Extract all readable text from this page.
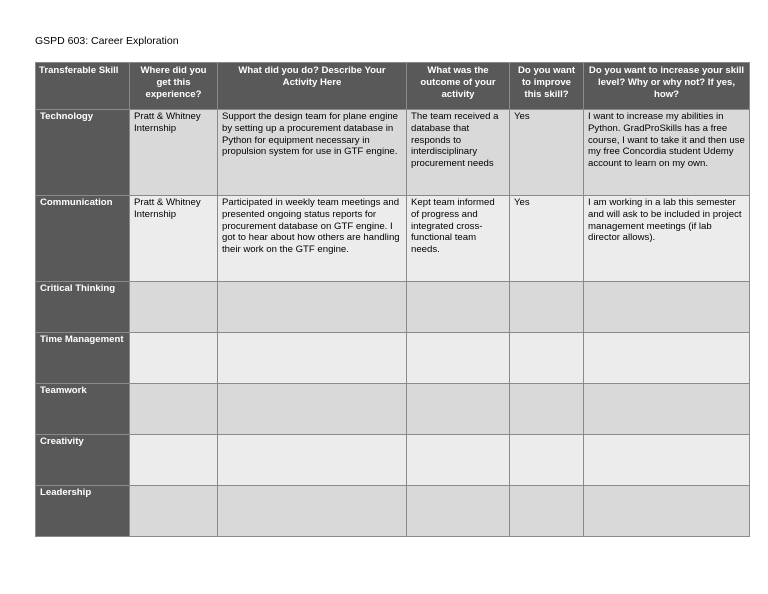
GSPD 603: Career Exploration
Transferable Skill	Where did you get this experience?	What did you do? Describe Your Activity Here	What was the outcome of your activity	Do you want to improve this skill?	Do you want to increase your skill level? Why or why not? If yes, how?
Technology	Pratt & Whitney Internship	Support the design team for plane engine by setting up a procurement database in Python for equipment necessary in propulsion system for use in GTF engine.	The team received a database that responds to interdisciplinary procurement needs	Yes	I want to increase my abilities in Python. GradProSkills has a free course, I want to take it and then use my free Concordia student Udemy account to learn on my own.
Communication	Pratt & Whitney Internship	Participated in weekly team meetings and presented ongoing status reports for procurement database on GTF engine. I got to hear about how others are handling their work on the GTF engine.	Kept team informed of progress and integrated cross-functional team needs.	Yes	I am working in a lab this semester and will ask to be included in project management meetings (if lab director allows).
Critical Thinking					
Time Management					
Teamwork					
Creativity					
Leadership					
